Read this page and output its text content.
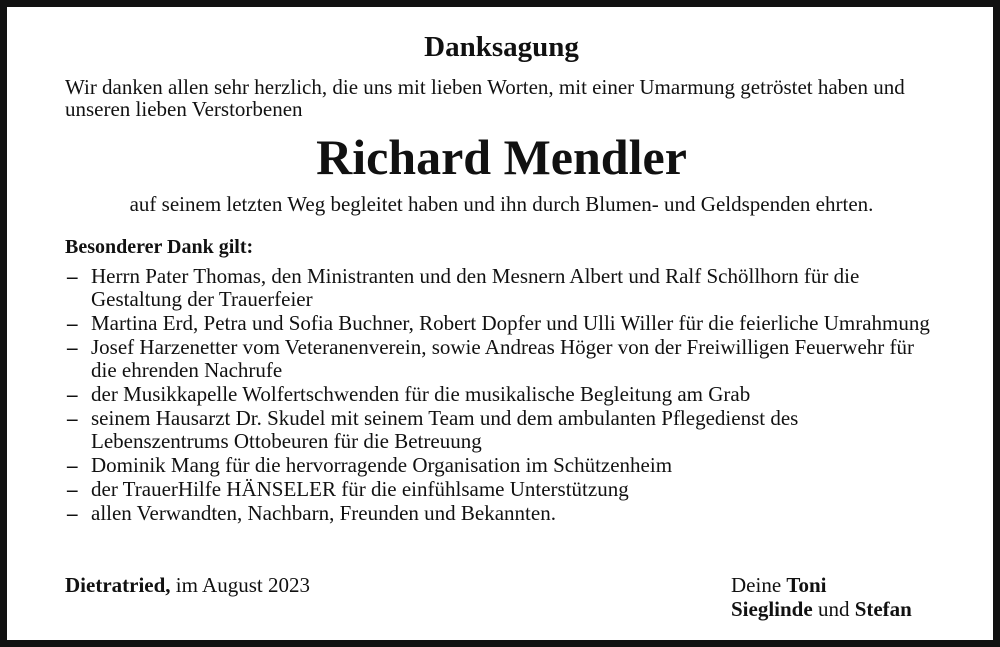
Danksagung
Wir danken allen sehr herzlich, die uns mit lieben Worten, mit einer Umarmung getröstet haben und unseren lieben Verstorbenen
Richard Mendler
auf seinem letzten Weg begleitet haben und ihn durch Blumen- und Geldspenden ehrten.
Besonderer Dank gilt:
– Herrn Pater Thomas, den Ministranten und den Mesnern Albert und Ralf Schöllhorn für die Gestaltung der Trauerfeier
– Martina Erd, Petra und Sofia Buchner, Robert Dopfer und Ulli Willer für die feierliche Umrahmung
– Josef Harzenetter vom Veteranenverein, sowie Andreas Höger von der Freiwilligen Feuerwehr für die ehrenden Nachrufe
– der Musikkapelle Wolfertschwenden für die musikalische Begleitung am Grab
– seinem Hausarzt Dr. Skudel mit seinem Team und dem ambulanten Pflegedienst des Lebenszentrums Ottobeuren für die Betreuung
– Dominik Mang für die hervorragende Organisation im Schützenheim
– der TrauerHilfe HÄNSELER für die einfühlsame Unterstützung
– allen Verwandten, Nachbarn, Freunden und Bekannten.
Dietratried, im August 2023	Deine Toni
Sieglinde und Stefan
